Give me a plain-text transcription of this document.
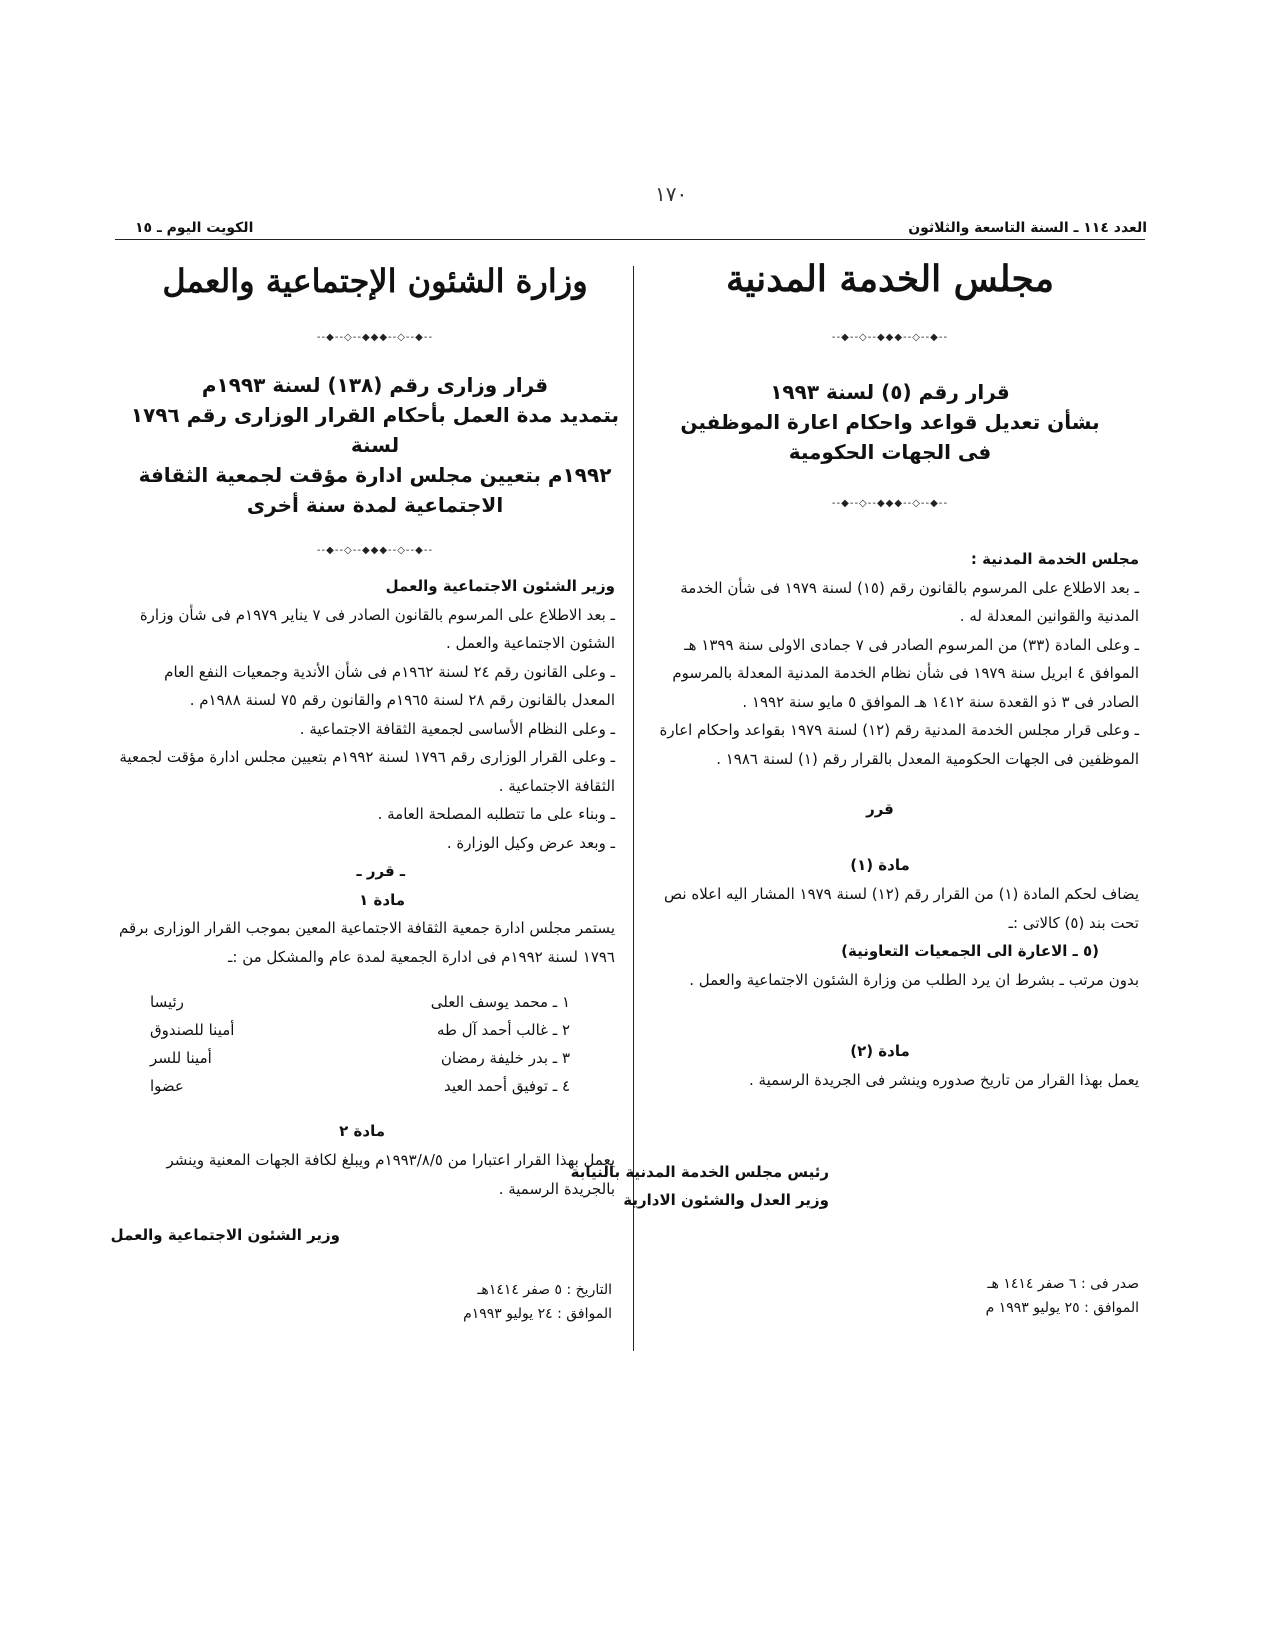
١٧٠
العدد ١١٤ ـ السنة التاسعة والثلاثون
الكويت اليوم ـ ١٥
مجلس الخدمة المدنية
--◆--◇--◆◆◆--◇--◆--
قرار رقم (٥) لسنة ١٩٩٣
بشأن تعديل قواعد واحكام اعارة الموظفين
فى الجهات الحكومية
--◆--◇--◆◆◆--◇--◆--

مجلس الخدمة المدنية :

ـ بعد الاطلاع على المرسوم بالقانون رقم (١٥) لسنة ١٩٧٩ فى شأن الخدمة المدنية والقوانين المعدلة له .

ـ وعلى المادة (٣٣) من المرسوم الصادر فى ٧ جمادى الاولى سنة ١٣٩٩ هـ الموافق ٤ ابريل سنة ١٩٧٩ فى شأن نظام الخدمة المدنية المعدلة بالمرسوم الصادر فى ٣ ذو القعدة سنة ١٤١٢ هـ الموافق ٥ مايو سنة ١٩٩٢ .

ـ وعلى قرار مجلس الخدمة المدنية رقم (١٢) لسنة ١٩٧٩ بقواعد واحكام اعارة الموظفين فى الجهات الحكومية المعدل بالقرار رقم (١) لسنة ١٩٨٦ .

قرر
مادة (١)

يضاف لحكم المادة (١) من القرار رقم (١٢) لسنة ١٩٧٩ المشار اليه اعلاه نص تحت بند (٥) كالاتى :ـ

(٥ ـ الاعارة الى الجمعيات التعاونية)

بدون مرتب ـ بشرط ان يرد الطلب من وزارة الشئون الاجتماعية والعمل .

مادة (٢)
يعمل بهذا القرار من تاريخ صدوره وينشر فى الجريدة الرسمية .
رئيس مجلس الخدمة المدنية بالنيابة
وزير العدل والشئون الادارية
صدر فى : ٦ صفر ١٤١٤ هـ
الموافق : ٢٥ يوليو ١٩٩٣ م
وزارة الشئون الإجتماعية والعمل
--◆--◇--◆◆◆--◇--◆--
قرار وزارى رقم (١٣٨) لسنة ١٩٩٣م
بتمديد مدة العمل بأحكام القرار الوزارى رقم ١٧٩٦
لسنة
١٩٩٢م بتعيين مجلس ادارة مؤقت لجمعية الثقافة
الاجتماعية لمدة سنة أخرى
--◆--◇--◆◆◆--◇--◆--

وزير الشئون الاجتماعية والعمل

ـ بعد الاطلاع على المرسوم بالقانون الصادر فى ٧ يناير ١٩٧٩م فى شأن وزارة الشئون الاجتماعية والعمل .

ـ وعلى القانون رقم ٢٤ لسنة ١٩٦٢م فى شأن الأندية وجمعيات النفع العام المعدل بالقانون رقم ٢٨ لسنة ١٩٦٥م والقانون رقم ٧٥ لسنة ١٩٨٨م .

ـ وعلى النظام الأساسى لجمعية الثقافة الاجتماعية .

ـ وعلى القرار الوزارى رقم ١٧٩٦ لسنة ١٩٩٢م بتعيين مجلس ادارة مؤقت لجمعية الثقافة الاجتماعية .

ـ وبناء على ما تتطلبه المصلحة العامة .

ـ وبعد عرض وكيل الوزارة .

ـ قرر ـ

مادة ١

يستمر مجلس ادارة جمعية الثقافة الاجتماعية المعين بموجب القرار الوزارى برقم ١٧٩٦ لسنة ١٩٩٢م فى ادارة الجمعية لمدة عام والمشكل من :ـ

١ ـ محمد يوسف العلى
رئيسا
٢ ـ غالب أحمد آل طه
أمينا للصندوق
٣ ـ بدر خليفة رمضان
أمينا للسر
٤ ـ توفيق أحمد العيد
عضوا
مادة ٢
يعمل بهذا القرار اعتبارا من ١٩٩٣/٨/٥م ويبلغ لكافة الجهات المعنية وينشر بالجريدة الرسمية .
وزير الشئون الاجتماعية والعمل
التاريخ : ٥ صفر ١٤١٤هـ
الموافق : ٢٤ يوليو ١٩٩٣م
